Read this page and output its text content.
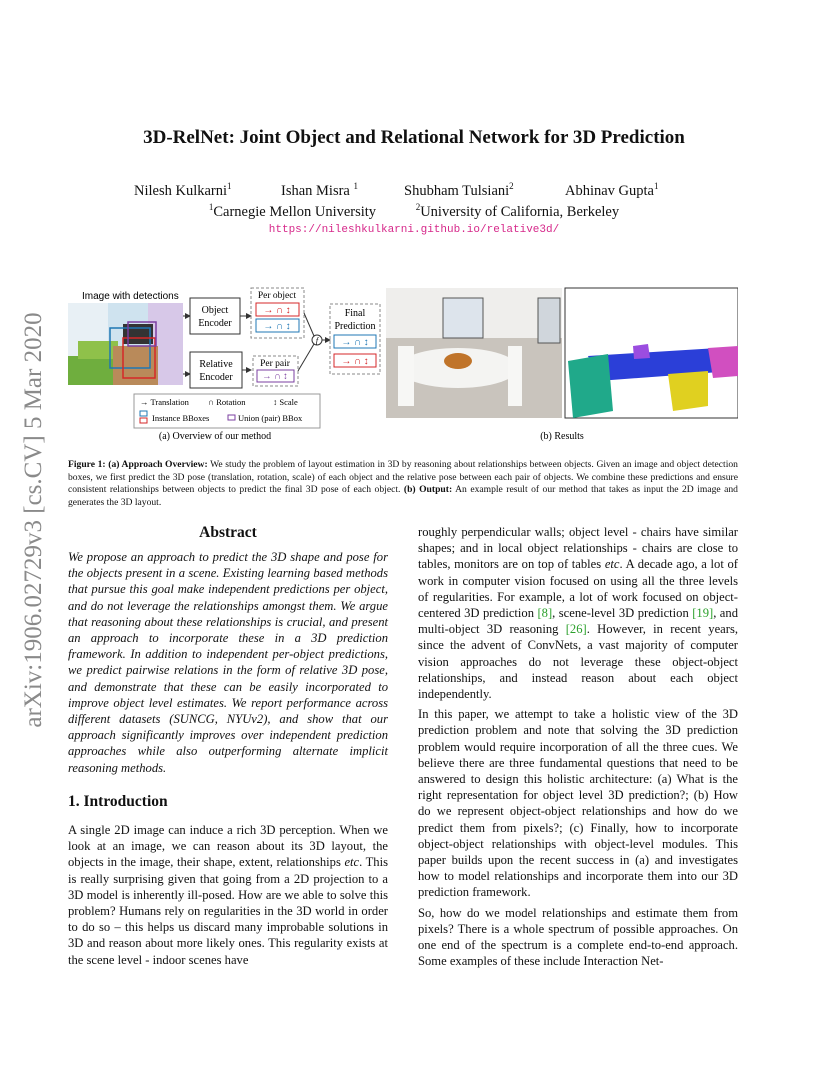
3D-RelNet: Joint Object and Relational Network for 3D Prediction
Nilesh Kulkarni$^1$	Ishan Misra $^1$	Shubham Tulsiani$^2$	Abhinav Gupta$^1$
$^1$Carnegie Mellon University	$^2$University of California, Berkeley
https://nileshkulkarni.github.io/relative3d/
arXiv:1906.02729v3 [cs.CV] 5 Mar 2020
Image with detections
Object
Encoder
Relative
Encoder
Per object
→ ∩ ↕
→ ∩ ↕
Per pair
→ ∩ ↕
f
Final
Prediction
→ ∩ ↕
→ ∩ ↕
→ Translation ∩ Rotation	↕ Scale
Instance BBoxes	Union (pair) BBox
(a) Overview of our method	(b) Results
Figure 1: (a) Approach Overview: We study the problem of layout estimation in 3D by reasoning about relationships between objects. Given an image and object detection boxes, we first predict the 3D pose (translation, rotation, scale) of each object and the relative pose between each pair of objects. We combine these predictions and ensure consistent relationships between objects to predict the final 3D pose of each object. (b) Output: An example result of our method that takes as input the 2D image and generates the 3D layout.
Abstract
We propose an approach to predict the 3D shape and pose for the objects present in a scene. Existing learning based methods that pursue this goal make independent predictions per object, and do not leverage the relationships amongst them. We argue that reasoning about these relationships is crucial, and present an approach to incorporate these in a 3D prediction framework. In addition to independent per-object predictions, we predict pairwise relations in the form of relative 3D pose, and demonstrate that these can be easily incorporated to improve object level estimates. We report performance across different datasets (SUNCG, NYUv2), and show that our approach significantly improves over independent prediction approaches while also outperforming alternate implicit reasoning methods.
1. Introduction
A single 2D image can induce a rich 3D perception. When we look at an image, we can reason about its 3D layout, the objects in the image, their shape, extent, relationships etc. This is really surprising given that going from a 2D projection to a 3D model is inherently ill-posed. How are we able to solve this problem? Humans rely on regularities in the 3D world in order to do so – this helps us discard many improbable solutions in 3D and reason about more likely ones. This regularity exists at the scene level - indoor scenes have

roughly perpendicular walls; object level - chairs have similar shapes; and in local object relationships - chairs are close to tables, monitors are on top of tables etc. A decade ago, a lot of work in computer vision focused on using all the three levels of regularities. For example, a lot of work focused on object-centered 3D prediction [8], scene-level 3D prediction [19], and multi-object 3D reasoning [26]. However, in recent years, since the advent of ConvNets, a vast majority of computer vision approaches do not leverage these object-object relationships, and instead reason about each object independently.

In this paper, we attempt to take a holistic view of the 3D prediction problem and note that solving the 3D prediction problem would require incorporation of all the three cues. We believe there are three fundamental questions that need to be answered to design this holistic architecture: (a) What is the right representation for object level 3D prediction?; (b) How do we represent object-object relationships and how do we predict them from pixels?; (c) Finally, how to incorporate object-object relationships with object-level modules. This paper builds upon the recent success in (a) and investigates how to model relationships and incorporate them into our 3D prediction framework.

So, how do we model relationships and estimate them from pixels? There is a whole spectrum of possible approaches. On one end of the spectrum is a complete end-to-end approach. Some examples of these include Interaction Net-
